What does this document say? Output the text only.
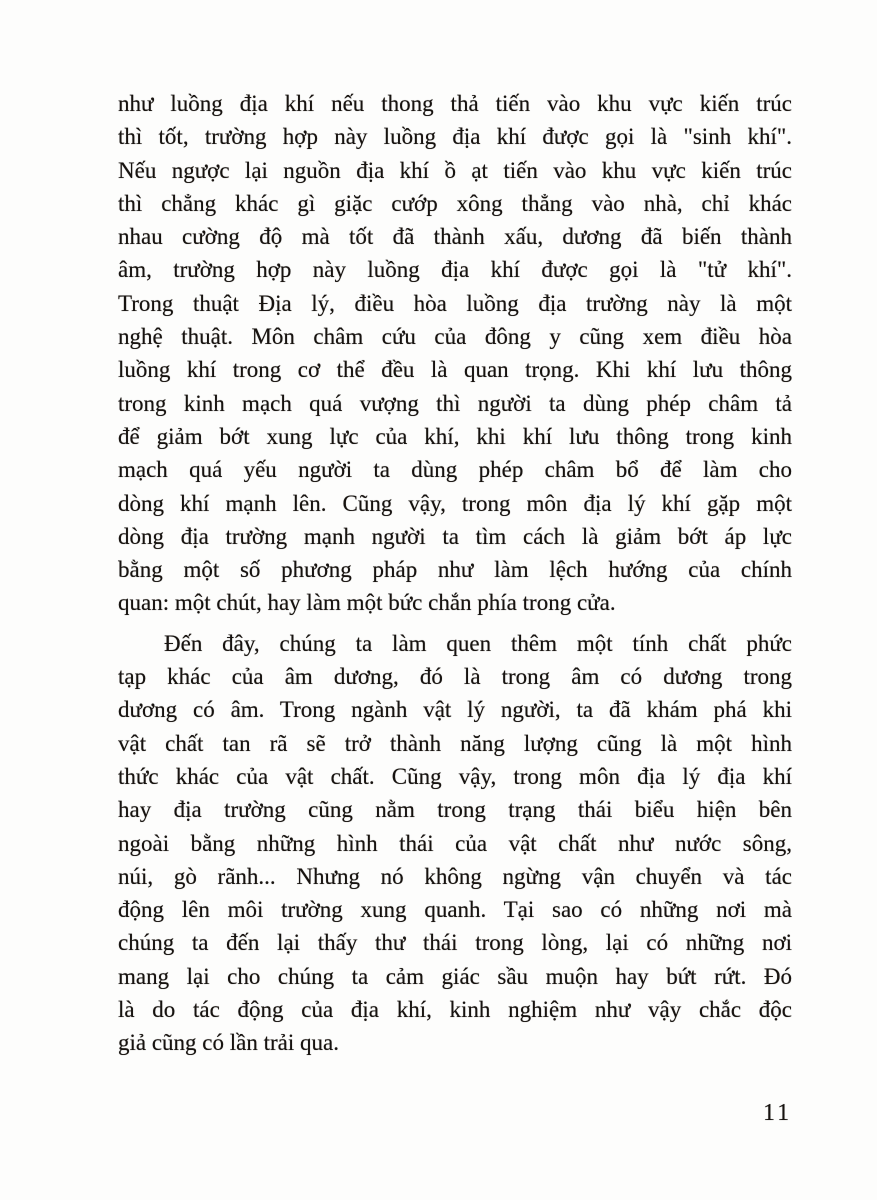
như luồng địa khí nếu thong thả tiến vào khu vực kiến trúc
thì tốt, trường hợp này luồng địa khí được gọi là "sinh khí".
Nếu ngược lại nguồn địa khí ồ ạt tiến vào khu vực kiến trúc
thì chẳng khác gì giặc cướp xông thẳng vào nhà, chỉ khác
nhau cường độ mà tốt đã thành xấu, dương đã biến thành
âm, trường hợp này luồng địa khí được gọi là "tử khí".
Trong thuật Địa lý, điều hòa luồng địa trường này là một
nghệ thuật. Môn châm cứu của đông y cũng xem điều hòa
luồng khí trong cơ thể đều là quan trọng. Khi khí lưu thông
trong kinh mạch quá vượng thì người ta dùng phép châm tả
để giảm bớt xung lực của khí, khi khí lưu thông trong kinh
mạch quá yếu người ta dùng phép châm bổ để làm cho
dòng khí mạnh lên. Cũng vậy, trong môn địa lý khí gặp một
dòng địa trường mạnh người ta tìm cách là giảm bớt áp lực
bằng một số phương pháp như làm lệch hướng của chính
quan: một chút, hay làm một bức chắn phía trong cửa.
Đến đây, chúng ta làm quen thêm một tính chất phức
tạp khác của âm dương, đó là trong âm có dương trong
dương có âm. Trong ngành vật lý người, ta đã khám phá khi
vật chất tan rã sẽ trở thành năng lượng cũng là một hình
thức khác của vật chất. Cũng vậy, trong môn địa lý địa khí
hay địa trường cũng nằm trong trạng thái biểu hiện bên
ngoài bằng những hình thái của vật chất như nước sông,
núi, gò rãnh... Nhưng nó không ngừng vận chuyển và tác
động lên môi trường xung quanh. Tại sao có những nơi mà
chúng ta đến lại thấy thư thái trong lòng, lại có những nơi
mang lại cho chúng ta cảm giác sầu muộn hay bứt rứt. Đó
là do tác động của địa khí, kinh nghiệm như vậy chắc độc
giả cũng có lần trải qua.
11
